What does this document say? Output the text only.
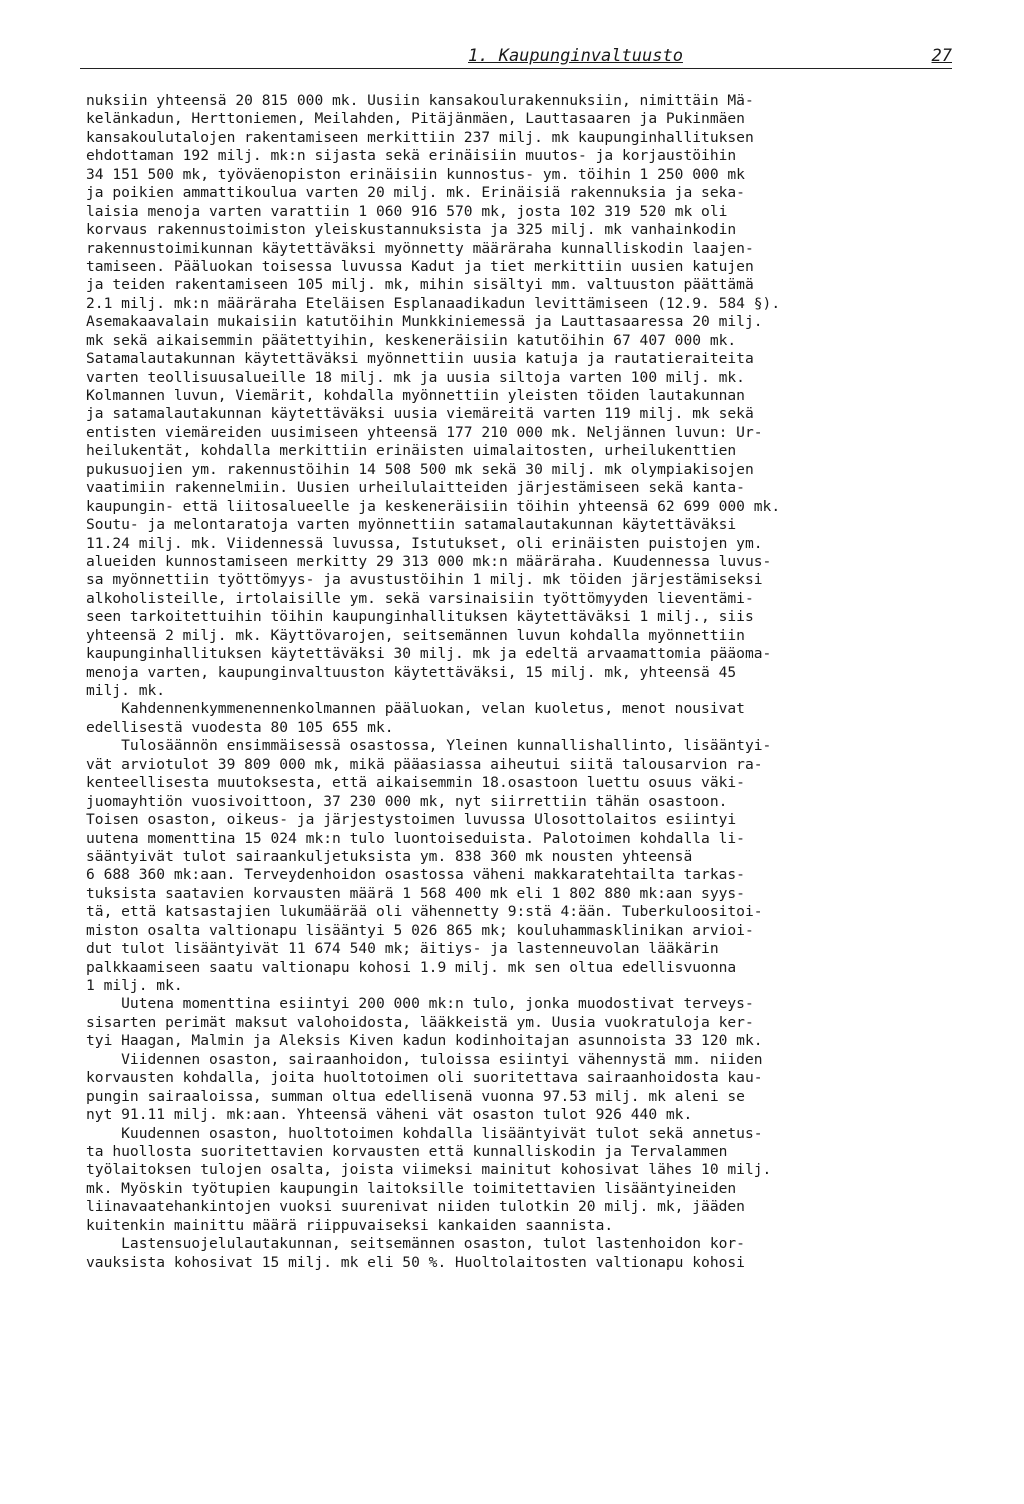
1. Kaupunginvaltuusto	27
nuksiin yhteensä 20 815 000 mk. Uusiin kansakoulurakennuksiin, nimittäin Mä-
kelänkadun, Herttoniemen, Meilahden, Pitäjänmäen, Lauttasaaren ja Pukinmäen
kansakoulutalojen rakentamiseen merkittiin 237 milj. mk kaupunginhallituksen
ehdottaman 192 milj. mk:n sijasta sekä erinäisiin muutos- ja korjaustöihin
34 151 500 mk, työväenopiston erinäisiin kunnostus- ym. töihin 1 250 000 mk
ja poikien ammattikoulua varten 20 milj. mk. Erinäisiä rakennuksia ja seka-
laisia menoja varten varattiin 1 060 916 570 mk, josta 102 319 520 mk oli
korvaus rakennustoimiston yleiskustannuksista ja 325 milj. mk vanhainkodin
rakennustoimikunnan käytettäväksi myönnetty määräraha kunnalliskodin laajen-
tamiseen. Pääluokan toisessa luvussa Kadut ja tiet merkittiin uusien katujen
ja teiden rakentamiseen 105 milj. mk, mihin sisältyi mm. valtuuston päättämä
2.1 milj. mk:n määräraha Eteläisen Esplanaadikadun levittämiseen (12.9. 584 §).
Asemakaavalain mukaisiin katutöihin Munkkiniemessä ja Lauttasaaressa 20 milj.
mk sekä aikaisemmin päätettyihin, keskeneräisiin katutöihin 67 407 000 mk.
Satamalautakunnan käytettäväksi myönnettiin uusia katuja ja rautatieraiteita
varten teollisuusalueille 18 milj. mk ja uusia siltoja varten 100 milj. mk.
Kolmannen luvun, Viemärit, kohdalla myönnettiin yleisten töiden lautakunnan
ja satamalautakunnan käytettäväksi uusia viemäreitä varten 119 milj. mk sekä
entisten viemäreiden uusimiseen yhteensä 177 210 000 mk. Neljännen luvun: Ur-
heilukentät, kohdalla merkittiin erinäisten uimalaitosten, urheilukenttien
pukusuojien ym. rakennustöihin 14 508 500 mk sekä 30 milj. mk olympiakisojen
vaatimiin rakennelmiin. Uusien urheilulaitteiden järjestämiseen sekä kanta-
kaupungin- että liitosalueelle ja keskeneräisiin töihin yhteensä 62 699 000 mk.
Soutu- ja melontaratoja varten myönnettiin satamalautakunnan käytettäväksi
11.24 milj. mk. Viidennessä luvussa, Istutukset, oli erinäisten puistojen ym.
alueiden kunnostamiseen merkitty 29 313 000 mk:n määräraha. Kuudennessa luvus-
sa myönnettiin työttömyys- ja avustustöihin 1 milj. mk töiden järjestämiseksi
alkoholisteille, irtolaisille ym. sekä varsinaisiin työttömyyden lieventämi-
seen tarkoitettuihin töihin kaupunginhallituksen käytettäväksi 1 milj., siis
yhteensä 2 milj. mk. Käyttövarojen, seitsemännen luvun kohdalla myönnettiin
kaupunginhallituksen käytettäväksi 30 milj. mk ja edeltä arvaamattomia pääoma-
menoja varten, kaupunginvaltuuston käytettäväksi, 15 milj. mk, yhteensä 45
milj. mk.
Kahdennenkymmenennenkolmannen pääluokan, velan kuoletus, menot nousivat
edellisestä vuodesta 80 105 655 mk.
Tulosäännön ensimmäisessä osastossa, Yleinen kunnallishallinto, lisääntyi-
vät arviotulot 39 809 000 mk, mikä pääasiassa aiheutui siitä talousarvion ra-
kenteellisesta muutoksesta, että aikaisemmin 18.osastoon luettu osuus väki-
juomayhtiön vuosivoittoon, 37 230 000 mk, nyt siirrettiin tähän osastoon.
Toisen osaston, oikeus- ja järjestystoimen luvussa Ulosottolaitos esiintyi
uutena momenttina 15 024 mk:n tulo luontoiseduista. Palotoimen kohdalla li-
sääntyivät tulot sairaankuljetuksista ym. 838 360 mk nousten yhteensä
6 688 360 mk:aan. Terveydenhoidon osastossa väheni makkaratehtailta tarkas-
tuksista saatavien korvausten määrä 1 568 400 mk eli 1 802 880 mk:aan syys-
tä, että katsastajien lukumäärää oli vähennetty 9:stä 4:ään. Tuberkuloositoi-
miston osalta valtionapu lisääntyi 5 026 865 mk; kouluhammasklinikan arvioi-
dut tulot lisääntyivät 11 674 540 mk; äitiys- ja lastenneuvolan lääkärin
palkkaamiseen saatu valtionapu kohosi 1.9 milj. mk sen oltua edellisvuonna
1 milj. mk.
Uutena momenttina esiintyi 200 000 mk:n tulo, jonka muodostivat terveys-
sisarten perimät maksut valohoidosta, lääkkeistä ym. Uusia vuokratuloja ker-
tyi Haagan, Malmin ja Aleksis Kiven kadun kodinhoitajan asunnoista 33 120 mk.
Viidennen osaston, sairaanhoidon, tuloissa esiintyi vähennystä mm. niiden
korvausten kohdalla, joita huoltotoimen oli suoritettava sairaanhoidosta kau-
pungin sairaaloissa, summan oltua edellisenä vuonna 97.53 milj. mk aleni se
nyt 91.11 milj. mk:aan. Yhteensä väheni vät osaston tulot 926 440 mk.
Kuudennen osaston, huoltotoimen kohdalla lisääntyivät tulot sekä annetus-
ta huollosta suoritettavien korvausten että kunnalliskodin ja Tervalammen
työlaitoksen tulojen osalta, joista viimeksi mainitut kohosivat lähes 10 milj.
mk. Myöskin työtupien kaupungin laitoksille toimitettavien lisääntyineiden
liinavaatehankintojen vuoksi suurenivat niiden tulotkin 20 milj. mk, jääden
kuitenkin mainittu määrä riippuvaiseksi kankaiden saannista.
Lastensuojelulautakunnan, seitsemännen osaston, tulot lastenhoidon kor-
vauksista kohosivat 15 milj. mk eli 50 %. Huoltolaitosten valtionapu kohosi
